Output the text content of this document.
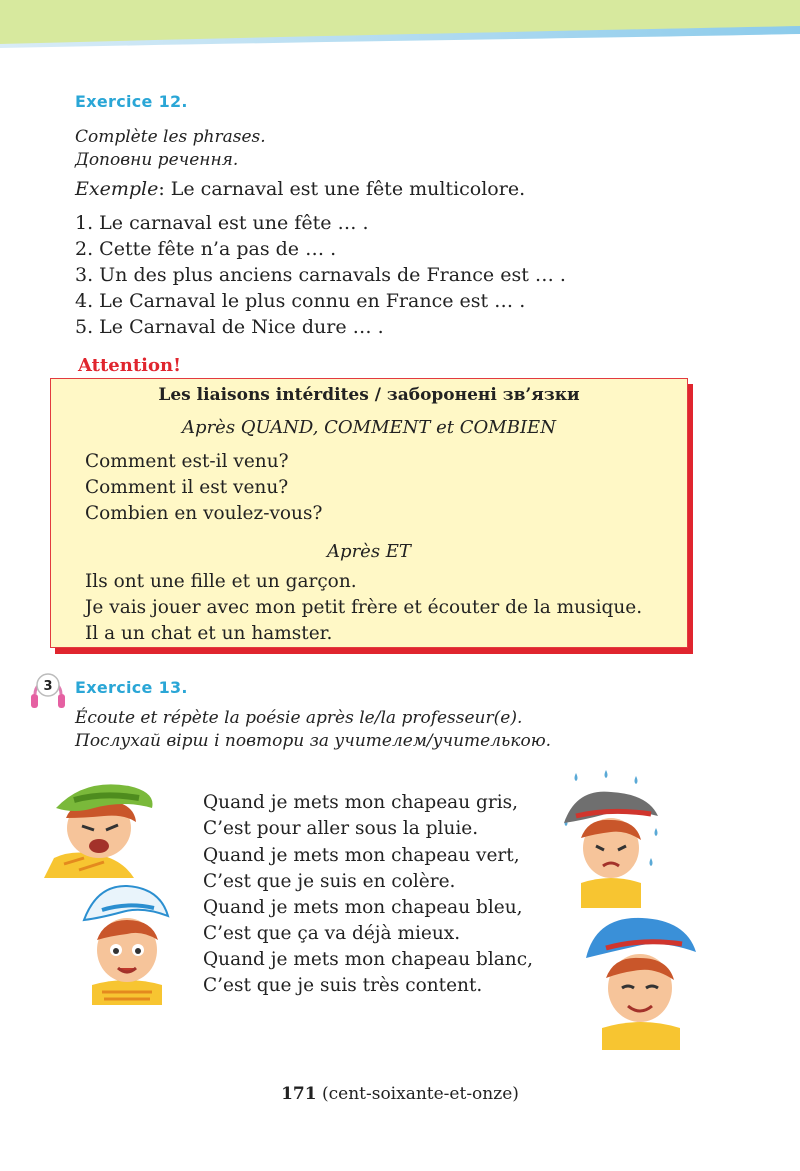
Exercice 12.
Complète les phrases.
Доповни речення.
Exemple: Le carnaval est une fête multicolore.
1. Le carnaval est une fête … .
2. Cette fête n’a pas de … .
3. Un des plus anciens carnavals de France est … .
4. Le Carnaval le plus connu en France est … .
5. Le Carnaval de Nice dure … .
Attention!
Les liaisons intérdites / заборонені зв’язки
Après QUAND, COMMENT et COMBIEN
Comment est-il venu?
Comment il est venu?
Combien en voulez-vous?
Après ET
Ils ont une fille et un garçon.
Je vais jouer avec mon petit frère et écouter de la musique.
Il a un chat et un hamster.
3 Exercice 13.
Écoute et répète la poésie après le/la professeur(e).
Послухай вірш і повтори за учителем/учителькою.
Quand je mets mon chapeau gris,
C’est pour aller sous la pluie.
Quand je mets mon chapeau vert,
C’est que je suis en colère.
Quand je mets mon chapeau bleu,
C’est que ça va déjà mieux.
Quand je mets mon chapeau blanc,
C’est que je suis très content.
171 (cent-soixante-et-onze)
